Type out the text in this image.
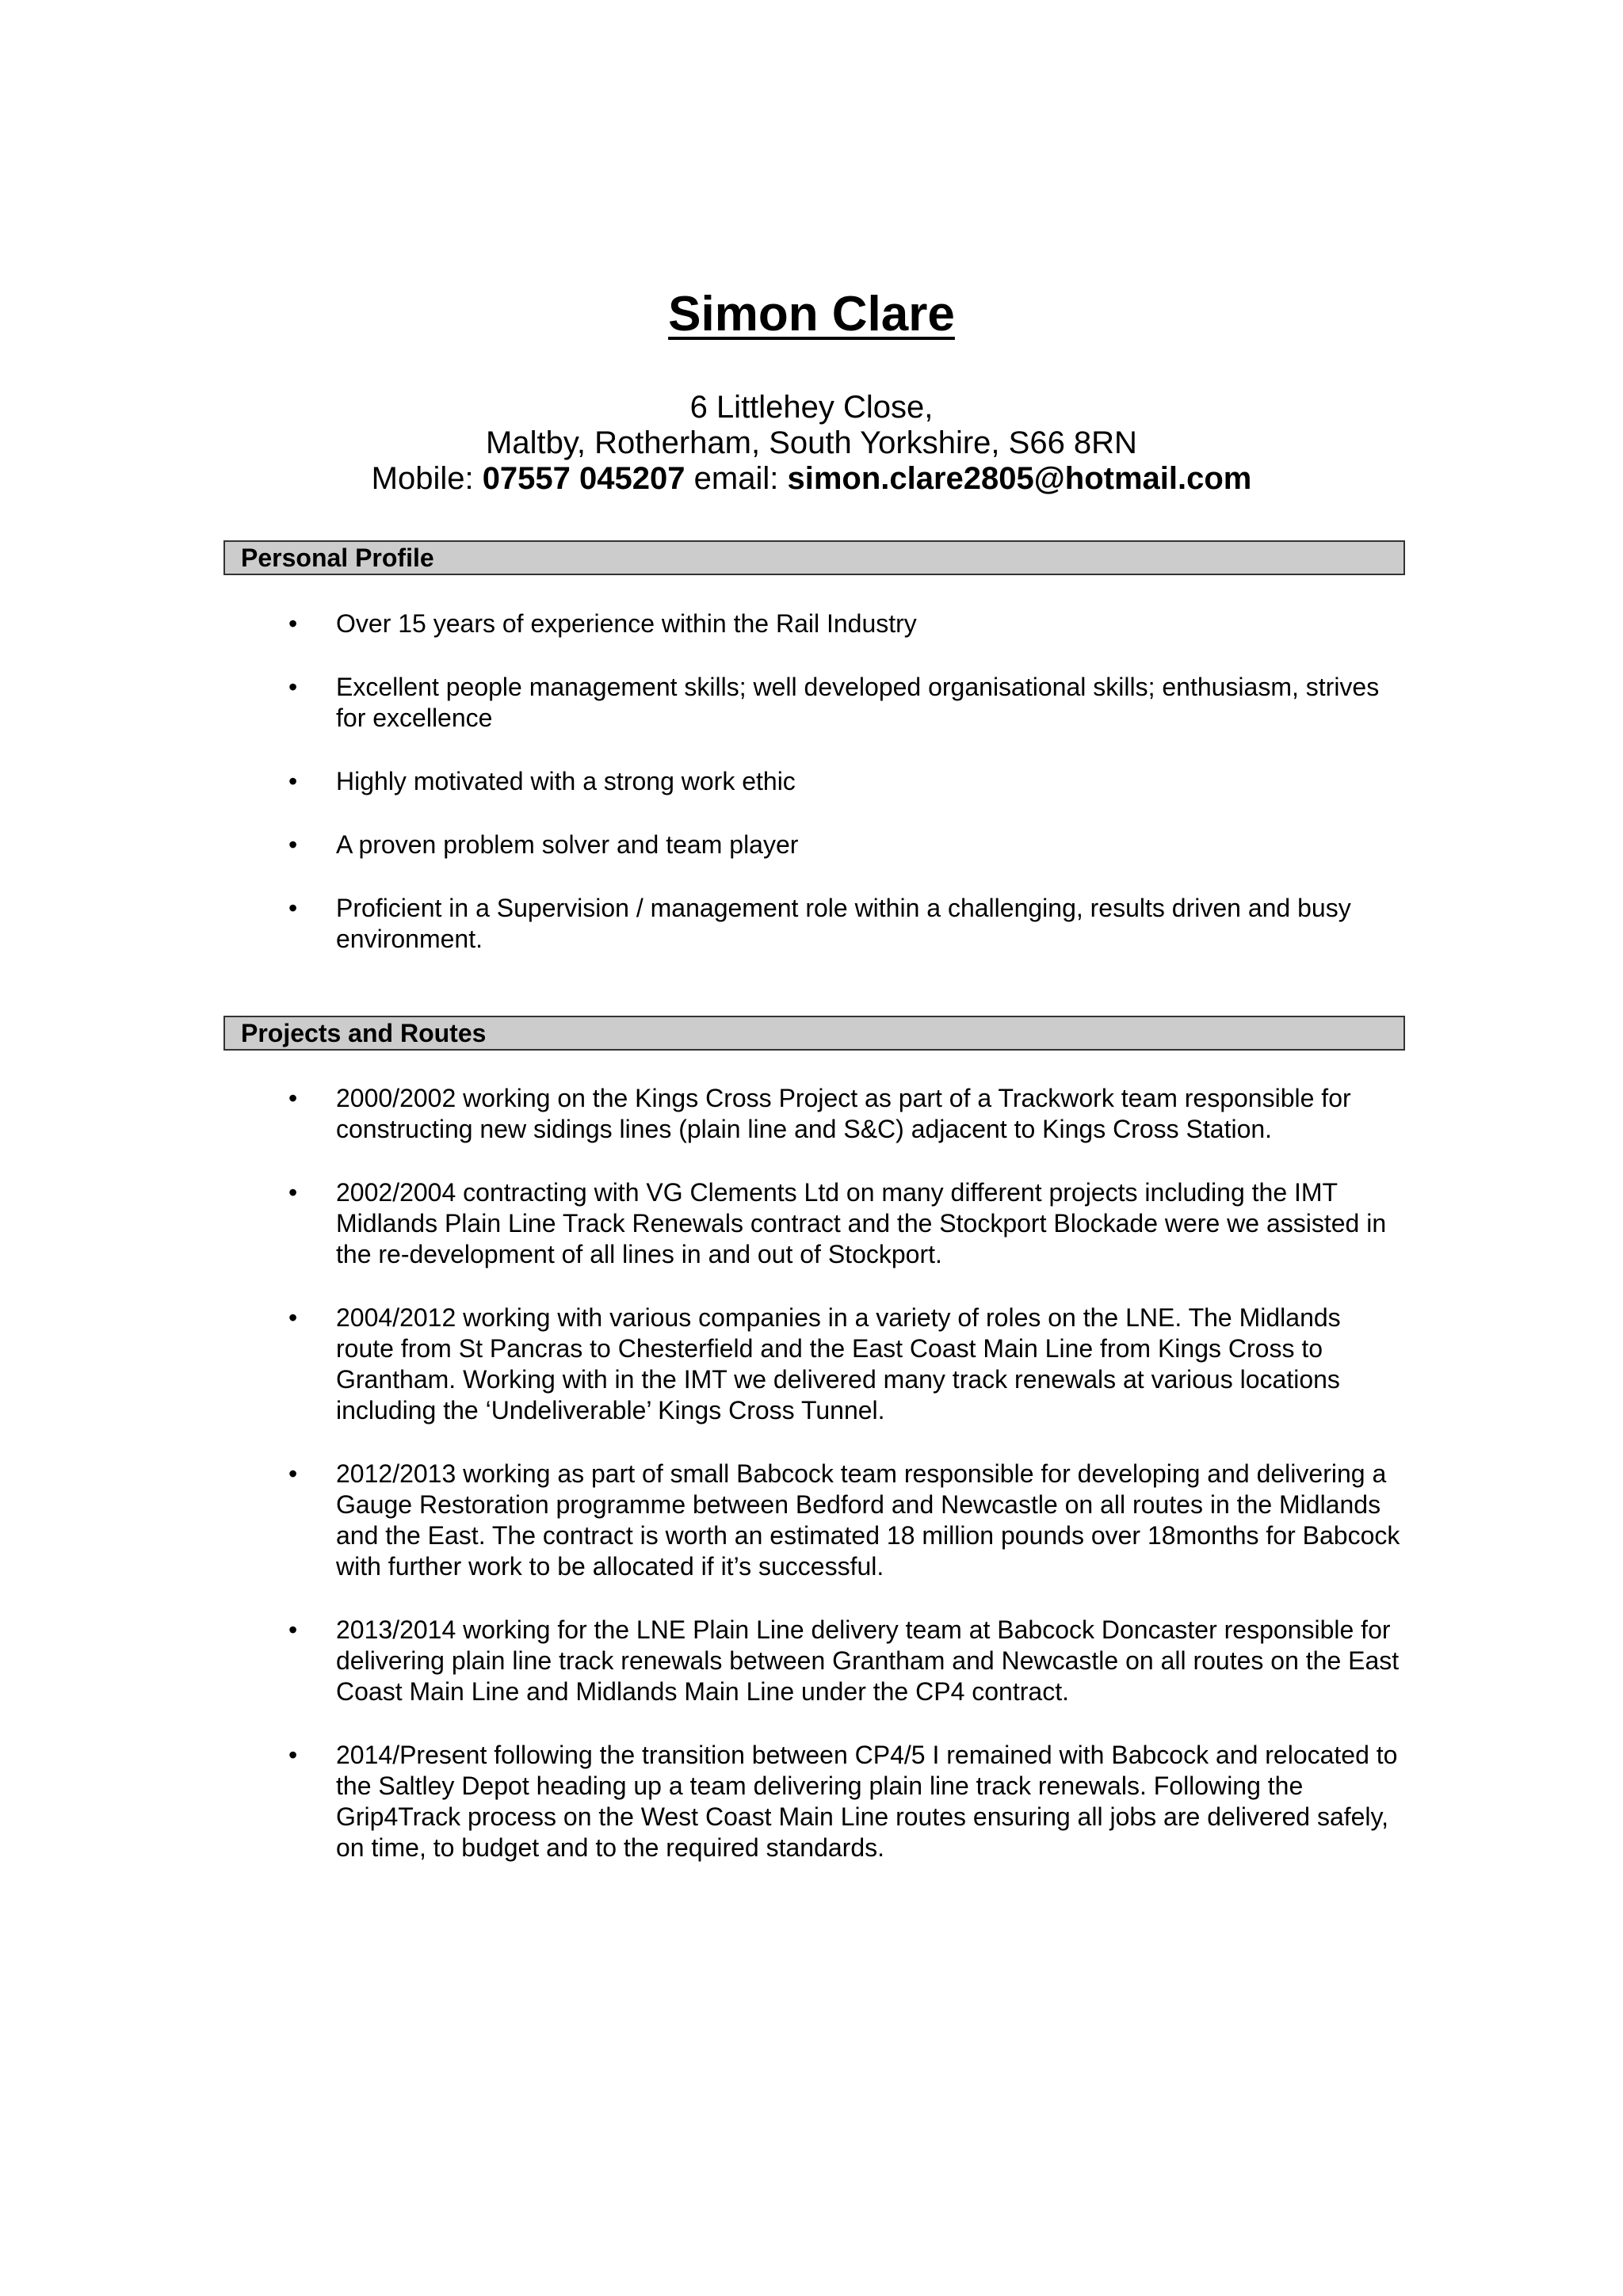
Simon Clare
6 Littlehey Close,
Maltby, Rotherham, South Yorkshire, S66 8RN
Mobile: 07557 045207 email: simon.clare2805@hotmail.com
Personal Profile
• Over 15 years of experience within the Rail Industry
• Excellent people management skills; well developed organisational skills; enthusiasm, strives for excellence
• Highly motivated with a strong work ethic
• A proven problem solver and team player
• Proficient in a Supervision / management role within a challenging, results driven and busy environment.
Projects and Routes
• 2000/2002 working on the Kings Cross Project as part of a Trackwork team responsible for constructing new sidings lines (plain line and S&C) adjacent to Kings Cross Station.
• 2002/2004 contracting with VG Clements Ltd on many different projects including the IMT Midlands Plain Line Track Renewals contract and the Stockport Blockade were we assisted in the re-development of all lines in and out of Stockport.
• 2004/2012 working with various companies in a variety of roles on the LNE. The Midlands route from St Pancras to Chesterfield and the East Coast Main Line from Kings Cross to Grantham. Working with in the IMT we delivered many track renewals at various locations including the ‘Undeliverable’ Kings Cross Tunnel.
• 2012/2013 working as part of small Babcock team responsible for developing and delivering a Gauge Restoration programme between Bedford and Newcastle on all routes in the Midlands and the East. The contract is worth an estimated 18 million pounds over 18months for Babcock with further work to be allocated if it’s successful.
• 2013/2014 working for the LNE Plain Line delivery team at Babcock Doncaster responsible for delivering plain line track renewals between Grantham and Newcastle on all routes on the East Coast Main Line and Midlands Main Line under the CP4 contract.
• 2014/Present following the transition between CP4/5 I remained with Babcock and relocated to the Saltley Depot heading up a team delivering plain line track renewals. Following the Grip4Track process on the West Coast Main Line routes ensuring all jobs are delivered safely, on time, to budget and to the required standards.
